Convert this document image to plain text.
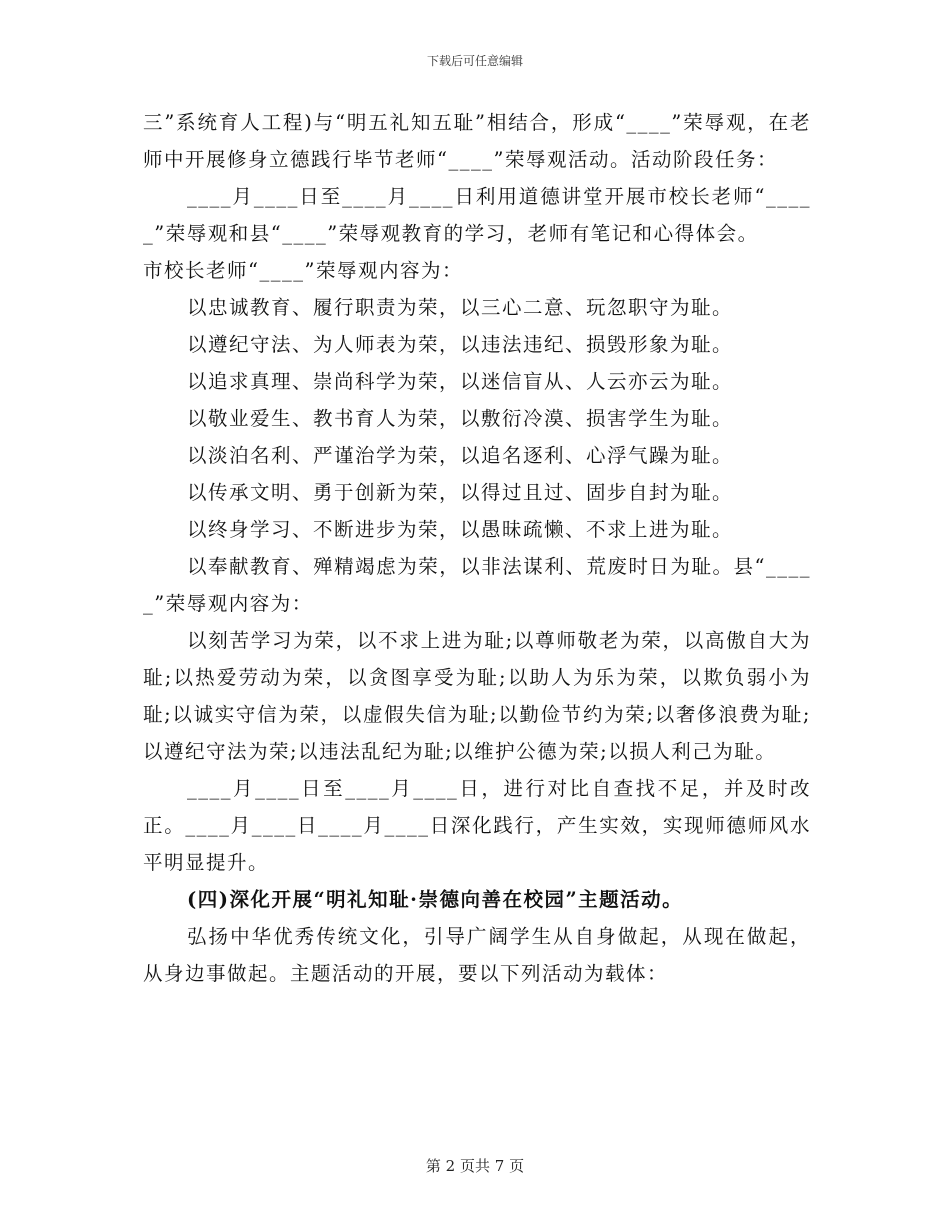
下载后可任意编辑

三”系统育人工程)与“明五礼知五耻”相结合，形成“____”荣辱观，在老师中开展修身立德践行毕节老师“____”荣辱观活动。活动阶段任务：

____月____日至____月____日利用道德讲堂开展市校长老师“_____”荣辱观和县“____”荣辱观教育的学习，老师有笔记和心得体会。

市校长老师“____”荣辱观内容为：

以忠诚教育、履行职责为荣，以三心二意、玩忽职守为耻。

以遵纪守法、为人师表为荣，以违法违纪、损毁形象为耻。

以追求真理、崇尚科学为荣，以迷信盲从、人云亦云为耻。

以敬业爱生、教书育人为荣，以敷衍冷漠、损害学生为耻。

以淡泊名利、严谨治学为荣，以追名逐利、心浮气躁为耻。

以传承文明、勇于创新为荣，以得过且过、固步自封为耻。

以终身学习、不断进步为荣，以愚昧疏懒、不求上进为耻。

以奉献教育、殚精竭虑为荣，以非法谋利、荒废时日为耻。县“_____”荣辱观内容为：

以刻苦学习为荣，以不求上进为耻;以尊师敬老为荣，以高傲自大为耻;以热爱劳动为荣，以贪图享受为耻;以助人为乐为荣，以欺负弱小为耻;以诚实守信为荣，以虚假失信为耻;以勤俭节约为荣;以奢侈浪费为耻;以遵纪守法为荣;以违法乱纪为耻;以维护公德为荣;以损人利己为耻。

____月____日至____月____日，进行对比自查找不足，并及时改正。____月____日____月____日深化践行，产生实效，实现师德师风水平明显提升。

(四)深化开展“明礼知耻·崇德向善在校园”主题活动。

弘扬中华优秀传统文化，引导广阔学生从自身做起，从现在做起，从身边事做起。主题活动的开展，要以下列活动为载体：

第 2 页共 7 页
